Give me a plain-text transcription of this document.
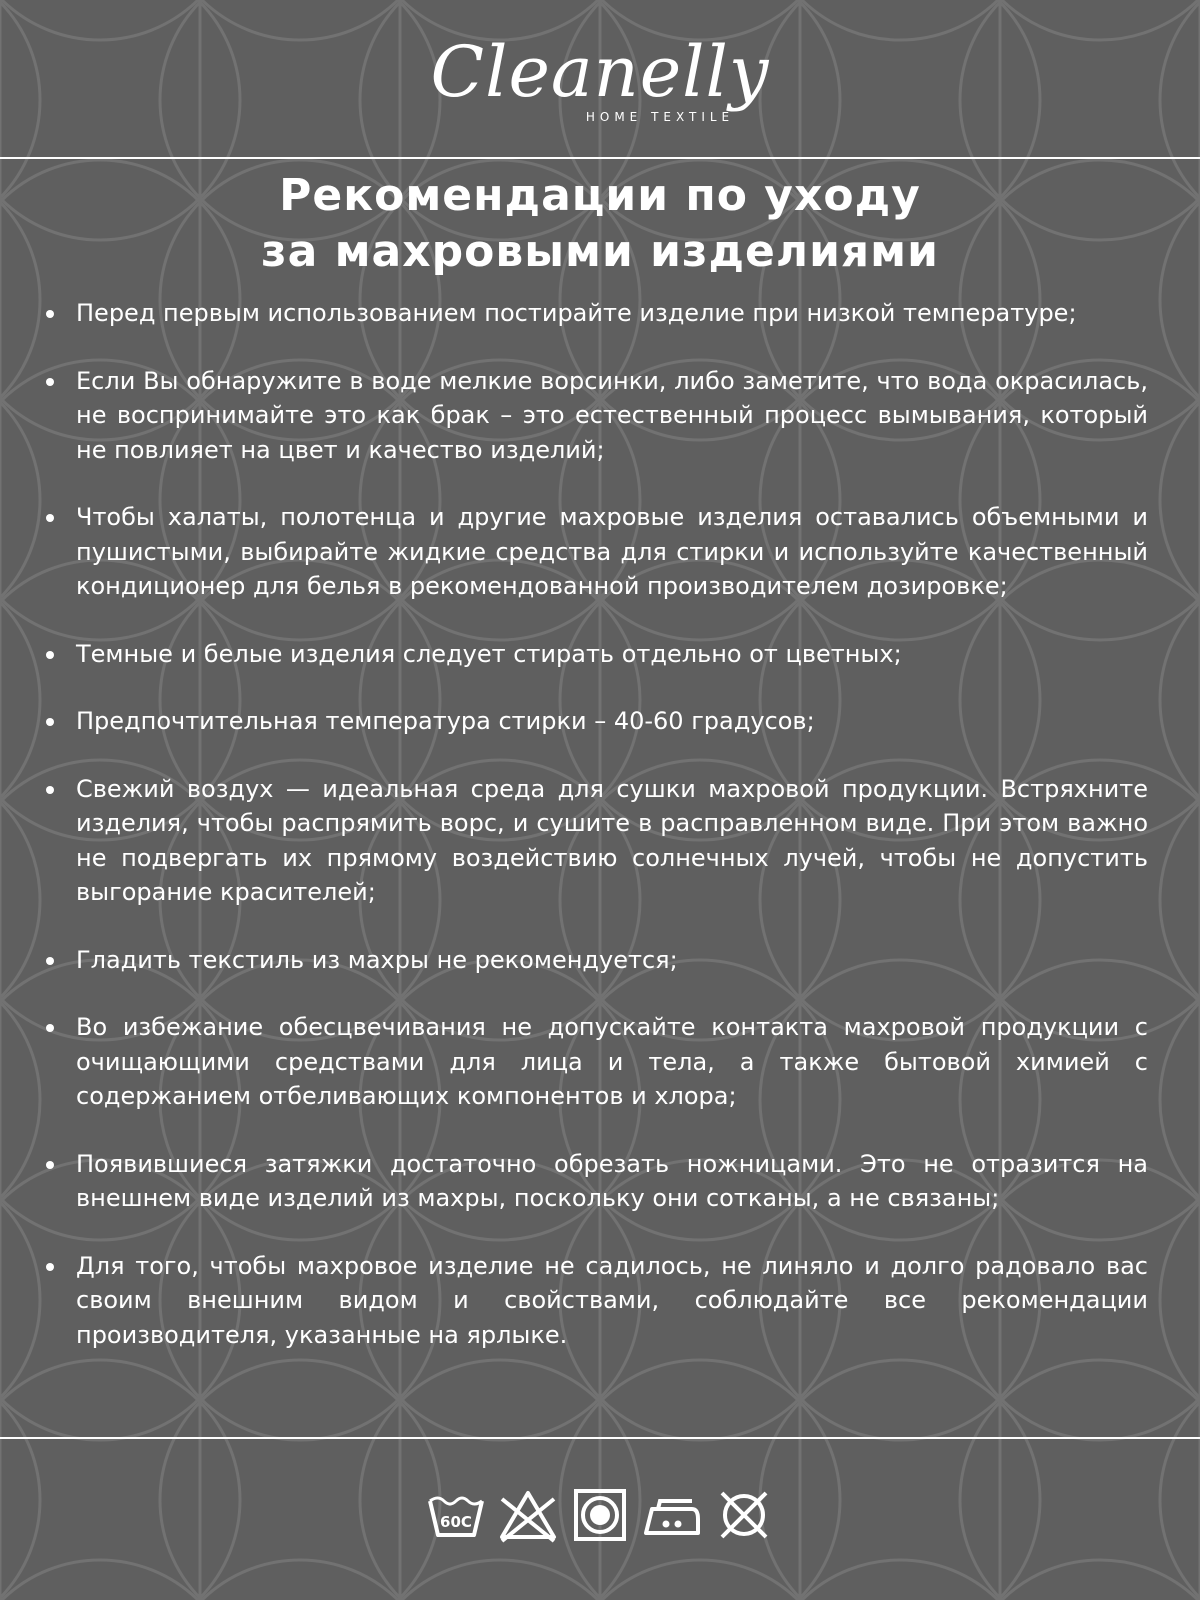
Cleanelly
HOME TEXTILE
Рекомендации по уходу
за махровыми изделиями
Перед первым использованием постирайте изделие при низкой температуре;
Если Вы обнаружите в воде мелкие ворсинки, либо заметите, что вода окрасилась, не воспринимайте это как брак – это естественный процесс вымывания, который не повлияет на цвет и качество изделий;
Чтобы халаты, полотенца и другие махровые изделия оставались объемными и пушистыми, выбирайте жидкие средства для стирки и используйте качественный кондиционер для белья в рекомендованной производителем дозировке;
Темные и белые изделия следует стирать отдельно от цветных;
Предпочтительная температура стирки – 40-60 градусов;
Свежий воздух — идеальная среда для сушки махровой продукции. Встряхните изделия, чтобы распрямить ворс, и сушите в расправленном виде. При этом важно не подвергать их прямому воздействию солнечных лучей, чтобы не допустить выгорание красителей;
Гладить текстиль из махры не рекомендуется;
Во избежание обесцвечивания не допускайте контакта махровой продукции с очищающими средствами для лица и тела, а также бытовой химией с содержанием отбеливающих компонентов и хлора;
Появившиеся затяжки достаточно обрезать ножницами. Это не отразится на внешнем виде изделий из махры, поскольку они сотканы, а не связаны;
Для того, чтобы махровое изделие не садилось, не линяло и долго радовало вас своим внешним видом и свойствами, соблюдайте все рекомендации производителя, указанные на ярлыке.
60C
